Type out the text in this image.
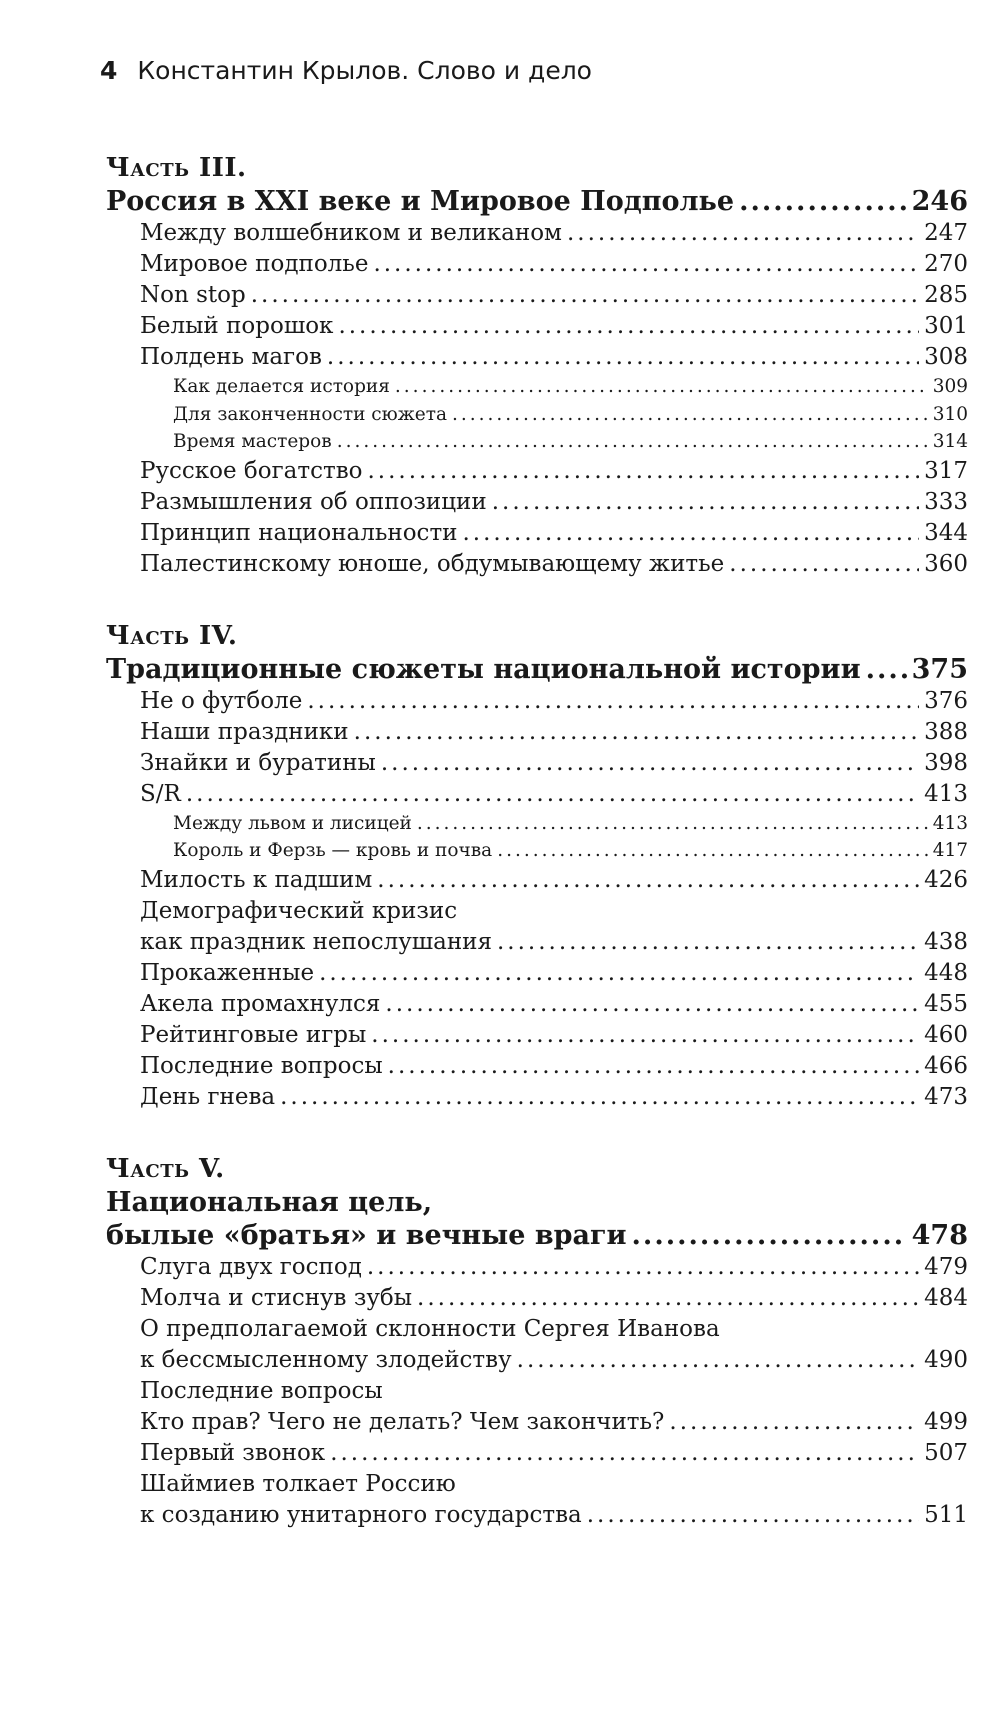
4 Константин Крылов. Слово и дело
Часть III.
Россия в XXI веке и Мировое Подполье .....	246
Между волшебником и великаном .....	247
Мировое подполье .....	270
Non stop .....	285
Белый порошок .....	301
Полдень магов .....	308
Как делается история .....	309
Для законченности сюжета .....	310
Время мастеров .....	314
Русское богатство .....	317
Размышления об оппозиции .....	333
Принцип национальности .....	344
Палестинскому юноше, обдумывающему житье .....	360
Часть IV.
Традиционные сюжеты национальной истории ..... 375
Не о футболе .....	376
Наши праздники .....	388
Знайки и буратины .....	398
S/R .....	413
Между львом и лисицей .....	413
Король и Ферзь — кровь и почва .....	417
Милость к падшим .....	426
Демографический кризис
как праздник непослушания .....	438
Прокаженные .....	448
Акела промахнулся .....	455
Рейтинговые игры .....	460
Последние вопросы .....	466
День гнева .....	473
Часть V.
Национальная цель,
былые «братья» и вечные враги .....	478
Слуга двух господ .....	479
Молча и стиснув зубы .....	484
О предполагаемой склонности Сергея Иванова
к бессмысленному злодейству .....	490
Последние вопросы
Кто прав? Чего не делать? Чем закончить? .....	499
Первый звонок .....	507
Шаймиев толкает Россию
к созданию унитарного государства .....	511
